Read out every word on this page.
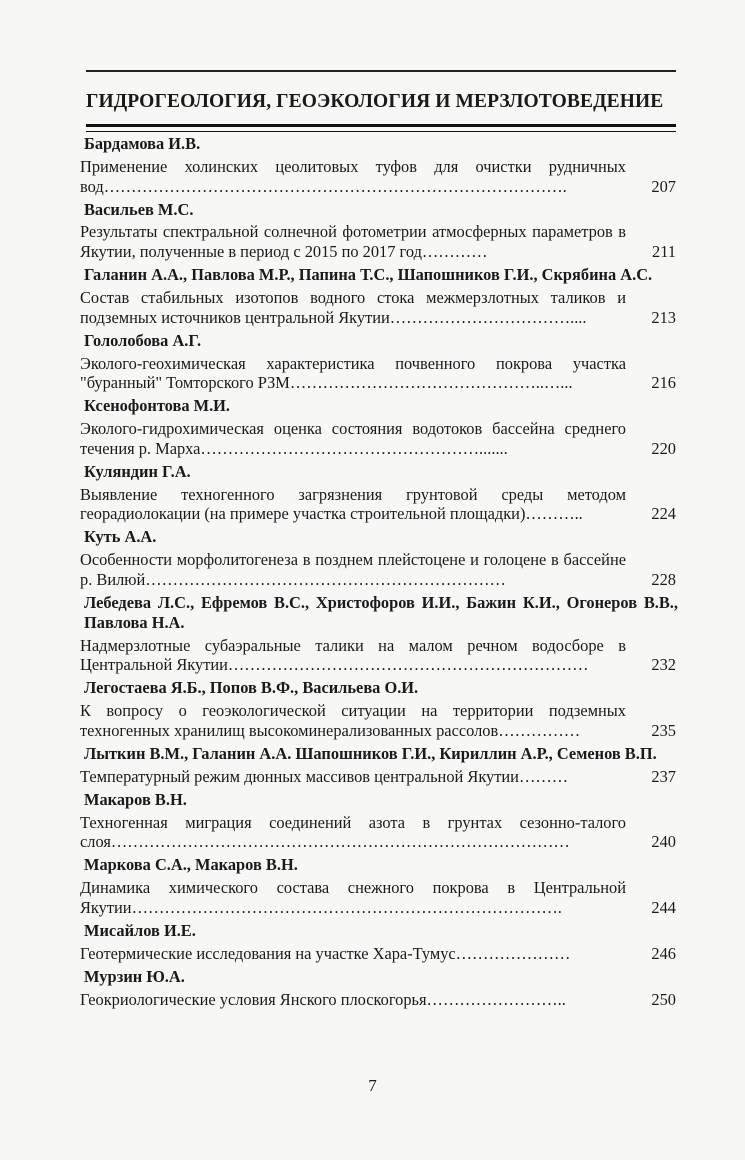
ГИДРОГЕОЛОГИЯ, ГЕОЭКОЛОГИЯ И МЕРЗЛОТОВЕДЕНИЕ
Бардамова И.В.
Применение холинских цеолитовых туфов для очистки рудничных вод………………………………………………………………………….	207
Васильев М.С.
Результаты спектральной солнечной фотометрии атмосферных параметров в Якутии, полученные в период с 2015 по 2017 год…………	211
Галанин А.А., Павлова М.Р., Папина Т.С., Шапошников Г.И., Скрябина А.С.
Состав стабильных изотопов водного стока межмерзлотных таликов и подземных источников центральной Якутии……………………………....	213
Гололобова А.Г.
Эколого-геохимическая характеристика почвенного покрова участка "буранный" Томторского РЗМ………………………………………..…...	216
Ксенофонтова М.И.
Эколого-гидрохимическая оценка состояния водотоков бассейна среднего течения р. Марха…………………………………………….......	220
Куляндин Г.А.
Выявление техногенного загрязнения грунтовой среды методом георадиолокации (на примере участка строительной площадки)………..	224
Куть А.А.
Особенности морфолитогенеза в позднем плейстоцене и голоцене в бассейне р. Вилюй…………………………………………………………	228
Лебедева Л.С., Ефремов В.С., Христофоров И.И., Бажин К.И., Огонеров В.В., Павлова Н.А.
Надмерзлотные субаэральные талики на малом речном водосборе в Центральной Якутии…………………………………………………………	232
Легостаева Я.Б., Попов В.Ф., Васильева О.И.
К вопросу о геоэкологической ситуации на территории подземных техногенных хранилищ высокоминерализованных рассолов……………	235
Лыткин В.М., Галанин А.А. Шапошников Г.И., Кириллин А.Р., Семенов В.П.
Температурный режим дюнных массивов центральной Якутии………	237
Макаров В.Н.
Техногенная миграция соединений азота в грунтах сезонно-талого слоя…………………………………………………………………………	240
Маркова С.А., Макаров В.Н.
Динамика химического состава снежного покрова в Центральной Якутии…………………………………………………………………….	244
Мисайлов И.Е.
Геотермические исследования на участке Хара-Тумус…………………	246
Мурзин Ю.А.
Геокриологические условия Янского плоскогорья……………………..	250
7
